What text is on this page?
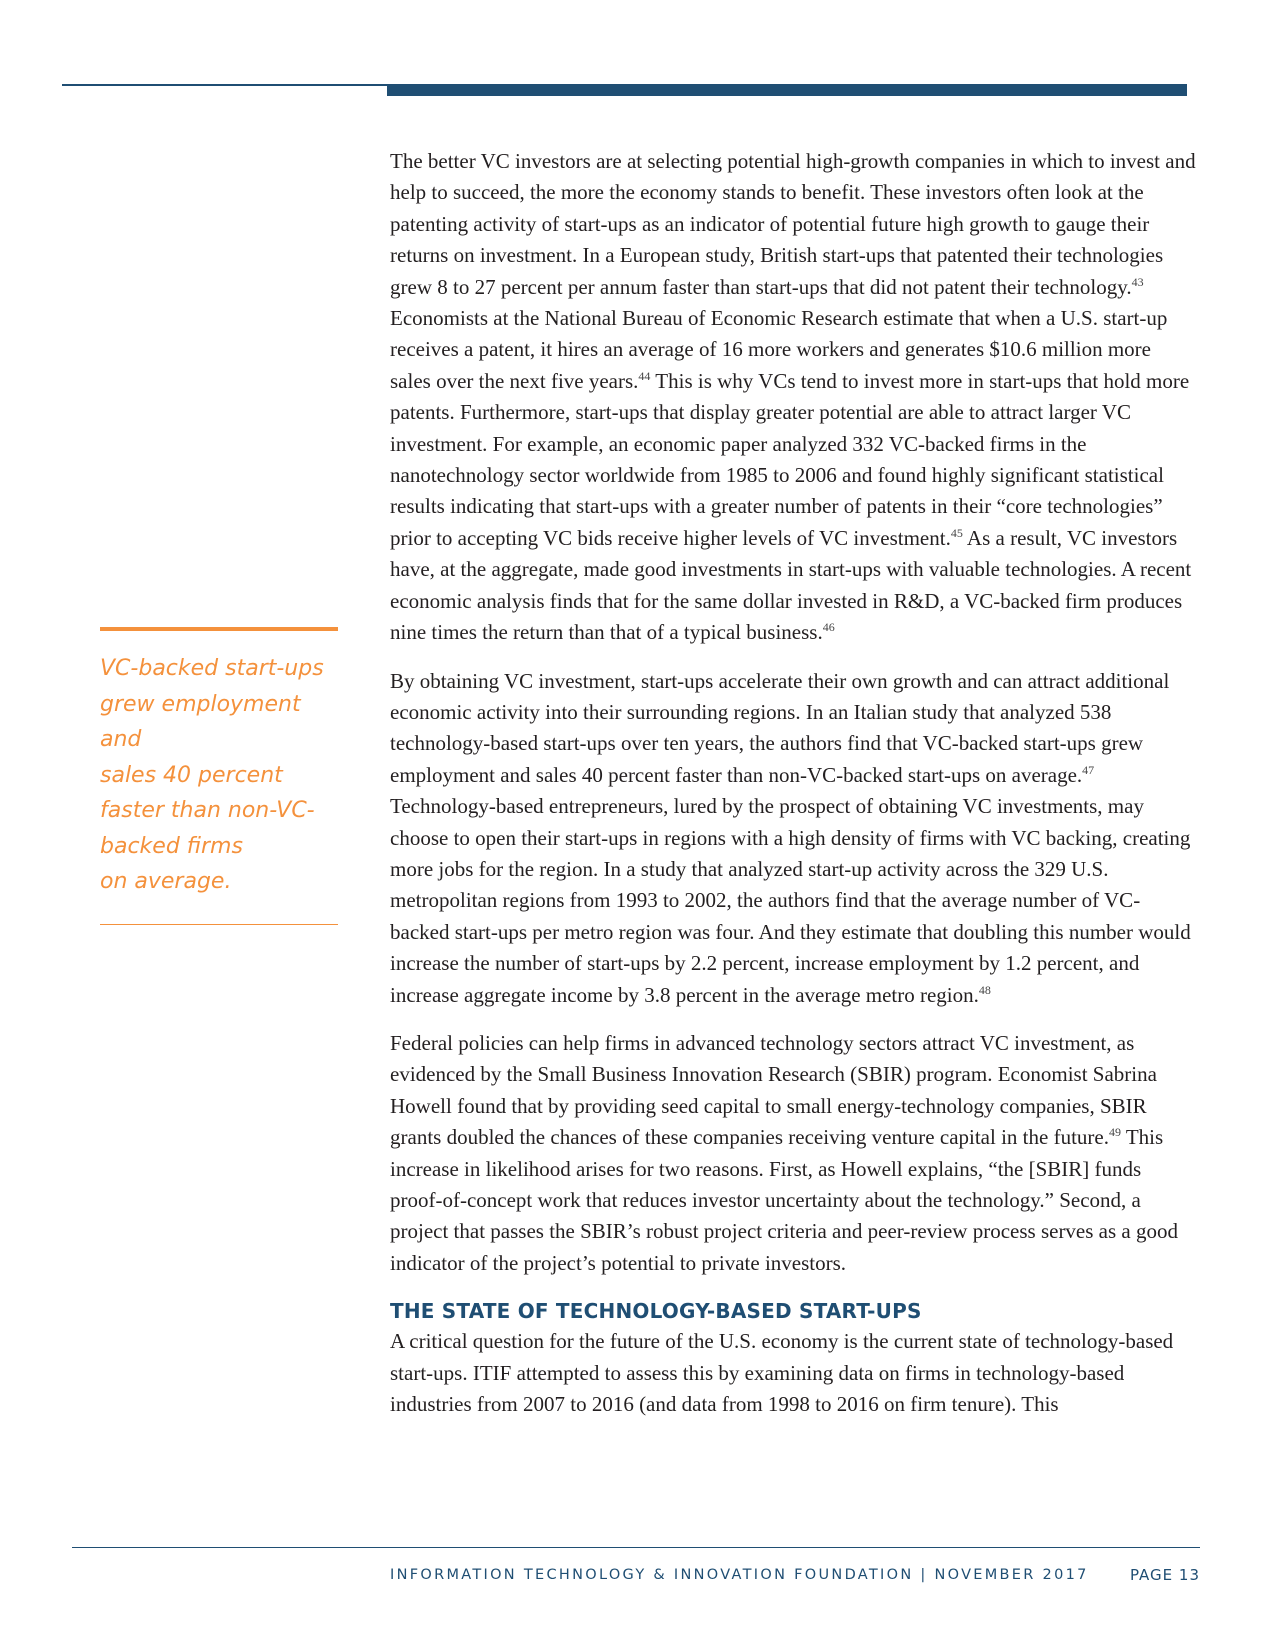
VC-backed start-ups
grew employment and
sales 40 percent
faster than non-VC-
backed firms
on average.

The better VC investors are at selecting potential high-growth companies in which to invest and help to succeed, the more the economy stands to benefit. These investors often look at the patenting activity of start-ups as an indicator of potential future high growth to gauge their returns on investment. In a European study, British start-ups that patented their technologies grew 8 to 27 percent per annum faster than start-ups that did not patent their technology.$^{43}$ Economists at the National Bureau of Economic Research estimate that when a U.S. start-up receives a patent, it hires an average of 16 more workers and generates $10.6 million more sales over the next five years.$^{44}$ This is why VCs tend to invest more in start-ups that hold more patents. Furthermore, start-ups that display greater potential are able to attract larger VC investment. For example, an economic paper analyzed 332 VC-backed firms in the nanotechnology sector worldwide from 1985 to 2006 and found highly significant statistical results indicating that start-ups with a greater number of patents in their “core technologies” prior to accepting VC bids receive higher levels of VC investment.$^{45}$ As a result, VC investors have, at the aggregate, made good investments in start-ups with valuable technologies. A recent economic analysis finds that for the same dollar invested in R&D, a VC-backed firm produces nine times the return than that of a typical business.$^{46}$

By obtaining VC investment, start-ups accelerate their own growth and can attract additional economic activity into their surrounding regions. In an Italian study that analyzed 538 technology-based start-ups over ten years, the authors find that VC-backed start-ups grew employment and sales 40 percent faster than non-VC-backed start-ups on average.$^{47}$ Technology-based entrepreneurs, lured by the prospect of obtaining VC investments, may choose to open their start-ups in regions with a high density of firms with VC backing, creating more jobs for the region. In a study that analyzed start-up activity across the 329 U.S. metropolitan regions from 1993 to 2002, the authors find that the average number of VC-backed start-ups per metro region was four. And they estimate that doubling this number would increase the number of start-ups by 2.2 percent, increase employment by 1.2 percent, and increase aggregate income by 3.8 percent in the average metro region.$^{48}$

Federal policies can help firms in advanced technology sectors attract VC investment, as evidenced by the Small Business Innovation Research (SBIR) program. Economist Sabrina Howell found that by providing seed capital to small energy-technology companies, SBIR grants doubled the chances of these companies receiving venture capital in the future.$^{49}$ This increase in likelihood arises for two reasons. First, as Howell explains, “the [SBIR] funds proof-of-concept work that reduces investor uncertainty about the technology.” Second, a project that passes the SBIR’s robust project criteria and peer-review process serves as a good indicator of the project’s potential to private investors.

THE STATE OF TECHNOLOGY-BASED START-UPS

A critical question for the future of the U.S. economy is the current state of technology-based start-ups. ITIF attempted to assess this by examining data on firms in technology-based industries from 2007 to 2016 (and data from 1998 to 2016 on firm tenure). This

INFORMATION TECHNOLOGY & INNOVATION FOUNDATION | NOVEMBER 2017	PAGE 13
